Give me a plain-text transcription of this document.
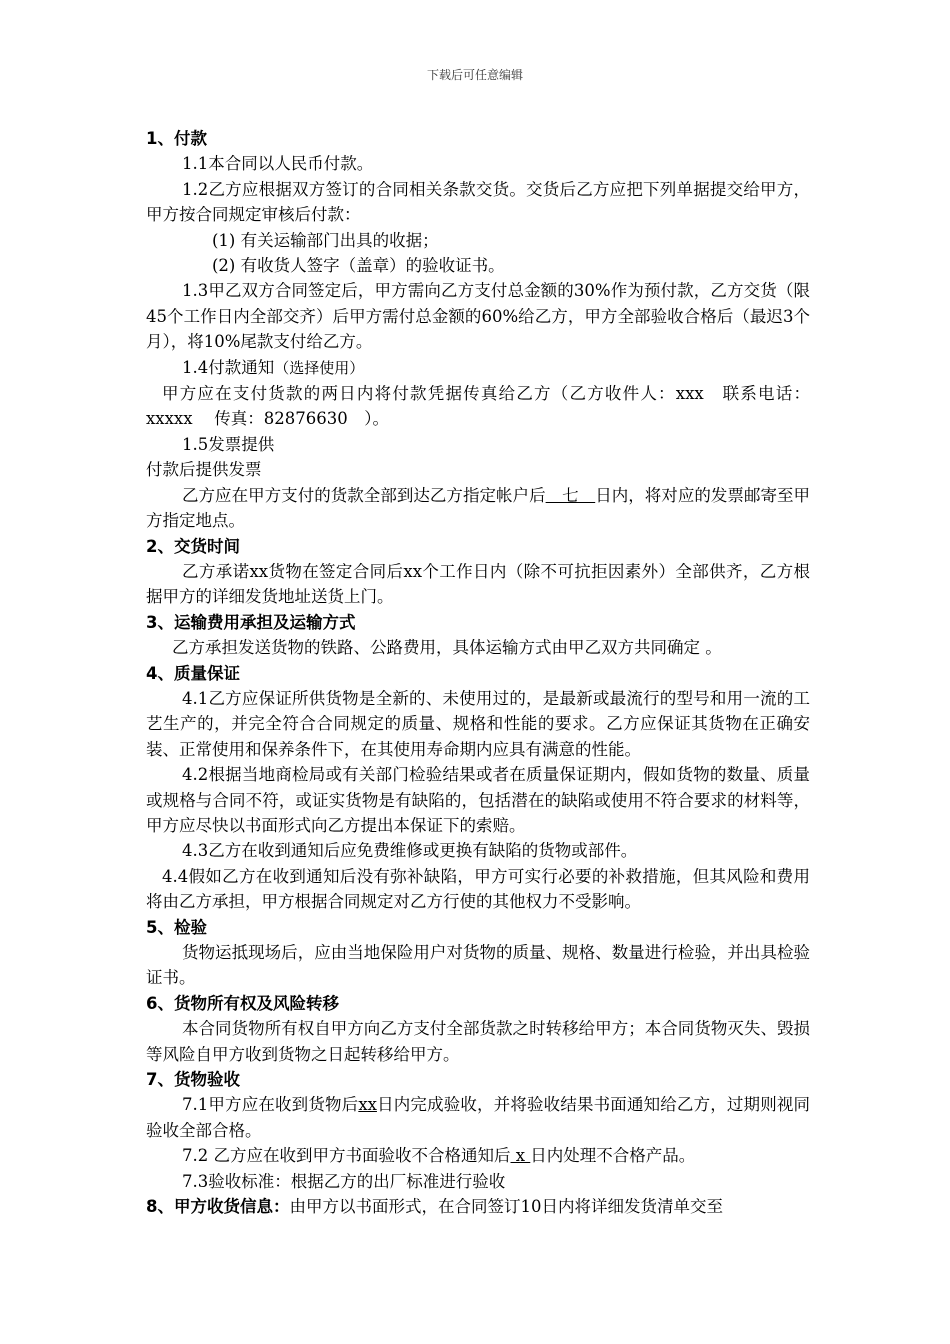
下载后可任意编辑

1、付款

1.1本合同以人民币付款。

1.2乙方应根据双方签订的合同相关条款交货。交货后乙方应把下列单据提交给甲方，甲方按合同规定审核后付款：

(1) 有关运输部门出具的收据；

(2) 有收货人签字（盖章）的验收证书。

1.3甲乙双方合同签定后，甲方需向乙方支付总金额的30%作为预付款，乙方交货（限45个工作日内全部交齐）后甲方需付总金额的60%给乙方，甲方全部验收合格后（最迟3个月），将10%尾款支付给乙方。

1.4付款通知（选择使用）

甲方应在支付货款的两日内将付款凭据传真给乙方（乙方收件人：xxx　联系电话：xxxxx　 传真：82876630　）。

1.5发票提供

付款后提供发票

乙方应在甲方支付的货款全部到达乙方指定帐户后　七　日内，将对应的发票邮寄至甲方指定地点。

2、交货时间

乙方承诺xx货物在签定合同后xx个工作日内（除不可抗拒因素外）全部供齐，乙方根据甲方的详细发货地址送货上门。

3、运输费用承担及运输方式

乙方承担发送货物的铁路、公路费用，具体运输方式由甲乙双方共同确定 。

4、质量保证

4.1乙方应保证所供货物是全新的、未使用过的，是最新或最流行的型号和用一流的工艺生产的，并完全符合合同规定的质量、规格和性能的要求。乙方应保证其货物在正确安装、正常使用和保养条件下，在其使用寿命期内应具有满意的性能。

4.2根据当地商检局或有关部门检验结果或者在质量保证期内，假如货物的数量、质量或规格与合同不符，或证实货物是有缺陷的，包括潜在的缺陷或使用不符合要求的材料等，甲方应尽快以书面形式向乙方提出本保证下的索赔。

4.3乙方在收到通知后应免费维修或更换有缺陷的货物或部件。

4.4假如乙方在收到通知后没有弥补缺陷，甲方可实行必要的补救措施，但其风险和费用将由乙方承担，甲方根据合同规定对乙方行使的其他权力不受影响。

5、检验

货物运抵现场后，应由当地保险用户对货物的质量、规格、数量进行检验，并出具检验证书。

6、货物所有权及风险转移

本合同货物所有权自甲方向乙方支付全部货款之时转移给甲方；本合同货物灭失、毁损等风险自甲方收到货物之日起转移给甲方。

7、货物验收

7.1甲方应在收到货物后xx日内完成验收，并将验收结果书面通知给乙方，过期则视同验收全部合格。

7.2 乙方应在收到甲方书面验收不合格通知后 x 日内处理不合格产品。

7.3验收标准：根据乙方的出厂标准进行验收

8、甲方收货信息：由甲方以书面形式，在合同签订10日内将详细发货清单交至
